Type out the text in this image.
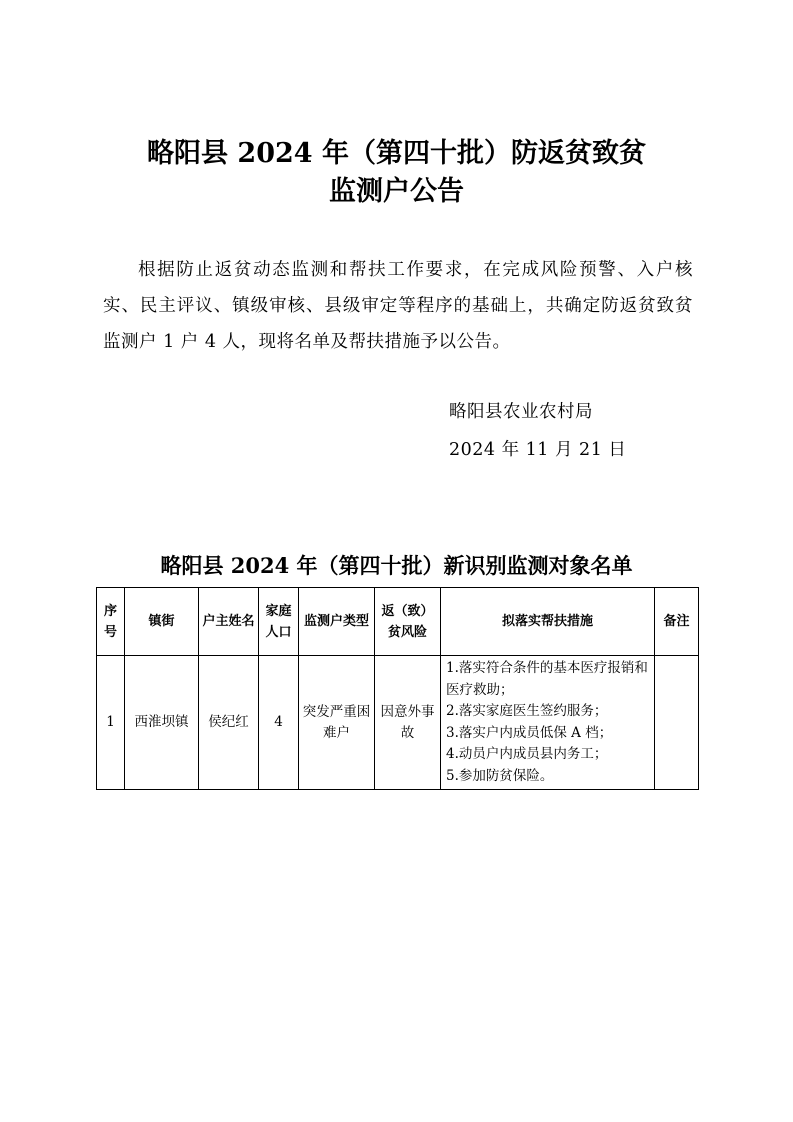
略阳县 2024 年（第四十批）防返贫致贫
监测户公告

根据防止返贫动态监测和帮扶工作要求，在完成风险预警、入户核实、民主评议、镇级审核、县级审定等程序的基础上，共确定防返贫致贫监测户 1 户 4 人，现将名单及帮扶措施予以公告。

略阳县农业农村局

2024 年 11 月 21 日

略阳县 2024 年（第四十批）新识别监测对象名单
序号	镇街	户主姓名	家庭人口	监测户类型	返（致）贫风险	拟落实帮扶措施	备注
1	西淮坝镇	侯纪红	4	突发严重困难户	因意外事故	1.落实符合条件的基本医疗报销和医疗救助；
2.落实家庭医生签约服务；
3.落实户内成员低保 A 档；
4.动员户内成员县内务工；
5.参加防贫保险。	
